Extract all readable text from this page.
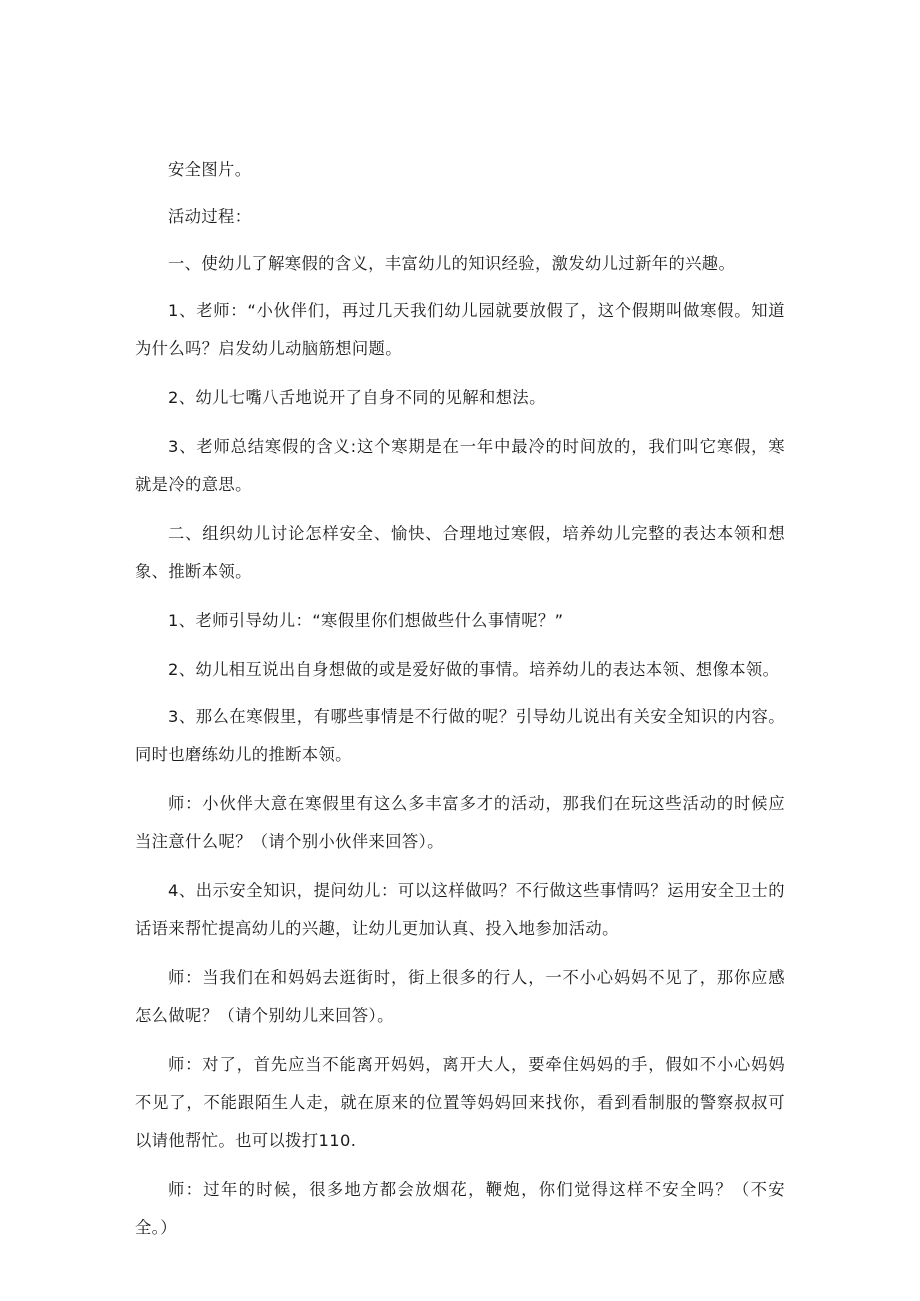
安全图片。

活动过程：

一、使幼儿了解寒假的含义，丰富幼儿的知识经验，激发幼儿过新年的兴趣。

1、老师：“小伙伴们，再过几天我们幼儿园就要放假了，这个假期叫做寒假。知道为什么吗？启发幼儿动脑筋想问题。

2、幼儿七嘴八舌地说开了自身不同的见解和想法。

3、老师总结寒假的含义:这个寒期是在一年中最冷的时间放的，我们叫它寒假，寒就是冷的意思。

二、组织幼儿讨论怎样安全、愉快、合理地过寒假，培养幼儿完整的表达本领和想象、推断本领。

1、老师引导幼儿：“寒假里你们想做些什么事情呢？”

2、幼儿相互说出自身想做的或是爱好做的事情。培养幼儿的表达本领、想像本领。

3、那么在寒假里，有哪些事情是不行做的呢？引导幼儿说出有关安全知识的内容。同时也磨练幼儿的推断本领。

师：小伙伴大意在寒假里有这么多丰富多才的活动，那我们在玩这些活动的时候应当注意什么呢？（请个别小伙伴来回答）。

4、出示安全知识，提问幼儿：可以这样做吗？不行做这些事情吗？运用安全卫士的话语来帮忙提高幼儿的兴趣，让幼儿更加认真、投入地参加活动。

师：当我们在和妈妈去逛街时，街上很多的行人，一不小心妈妈不见了，那你应感怎么做呢？（请个别幼儿来回答）。

师：对了，首先应当不能离开妈妈，离开大人，要牵住妈妈的手，假如不小心妈妈不见了，不能跟陌生人走，就在原来的位置等妈妈回来找你，看到看制服的警察叔叔可以请他帮忙。也可以拨打110.

师：过年的时候，很多地方都会放烟花，鞭炮，你们觉得这样不安全吗？（不安全。）
